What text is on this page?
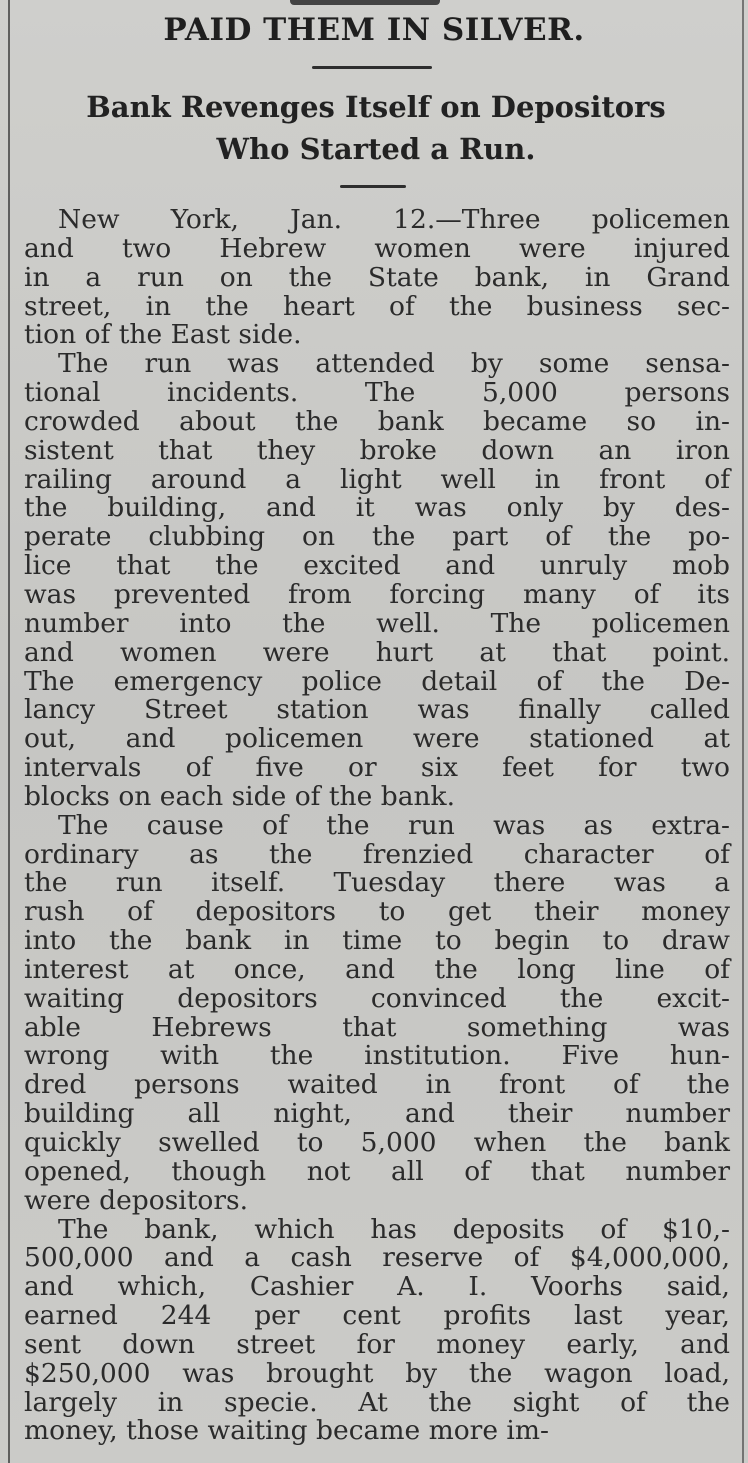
PAID THEM IN SILVER.
Bank Revenges Itself on Depositors
Who Started a Run.
New York, Jan. 12.—Three policemen
and two Hebrew women were injured
in a run on the State bank, in Grand
street, in the heart of the business sec-
tion of the East side.
The run was attended by some sensa-
tional incidents. The 5,000 persons
crowded about the bank became so in-
sistent that they broke down an iron
railing around a light well in front of
the building, and it was only by des-
perate clubbing on the part of the po-
lice that the excited and unruly mob
was prevented from forcing many of its
number into the well. The policemen
and women were hurt at that point.
The emergency police detail of the De-
lancy Street station was finally called
out, and policemen were stationed at
intervals of five or six feet for two
blocks on each side of the bank.
The cause of the run was as extra-
ordinary as the frenzied character of
the run itself. Tuesday there was a
rush of depositors to get their money
into the bank in time to begin to draw
interest at once, and the long line of
waiting depositors convinced the excit-
able Hebrews that something was
wrong with the institution. Five hun-
dred persons waited in front of the
building all night, and their number
quickly swelled to 5,000 when the bank
opened, though not all of that number
were depositors.
The bank, which has deposits of $10,-
500,000 and a cash reserve of $4,000,000,
and which, Cashier A. I. Voorhs said,
earned 244 per cent profits last year,
sent down street for money early, and
$250,000 was brought by the wagon load,
largely in specie. At the sight of the
money, those waiting became more im-
